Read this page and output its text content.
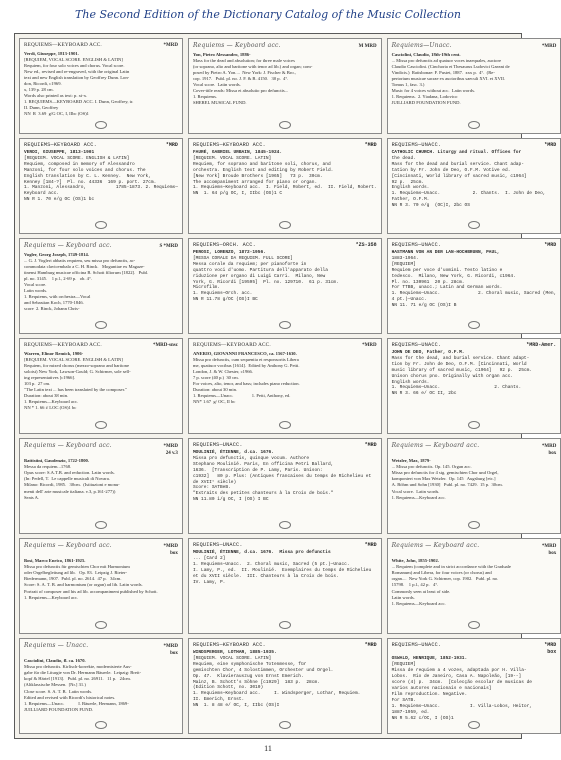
The Second Edition of the Dictionary Catalog of the Music Collection
REQUIEMS—KEYBOARD ACC.	*MRD
Verdi, Giuseppe, 1813-1901.
[REQUIEM, VOCAL SCORE. ENGLISH & LATIN]
Requiem, for four solo voices and chorus. Vocal score.
New ed., revised and re-engraved, with the original Latin
text and new English translation by Geoffrey Dunn. Lon-
don, Ricordi, c1969.
x, 139 p. 28 cm.
Words also printed as text: p. xi-x.
1. REQUIEMS—KEYBOARD ACC. I. Dunn, Geoffrey, tr.
II. Dunn, Geoffrey
NN  R  3.69  g/G OC, I, IIbc (OS)1
Requiems — Keyboard acc.	M MRD
Yon, Pietro Alessandro, 1886-
Mass for the dead and absolution; for three male voices
(or soprano, alto and baritone with tenor ad lib.) and organ; com-
posed by Pietro A. Yon....  New York: J. Fischer & Bro.,
cop. 1917.   Publ. pl. no. J. F. & B. 4150.   30 p.  4°.
Vocal score.  Latin words.
Cover-title reads: Missa et absolutio pro defunctis...
1. Requiems.
SHEREL MUSICAL FUND.
Requiems—Unacc.	*MRD
Casciolini, Claudio, 18th-19th cent.
... Missa pro defunctis ad quatuor voces inaequales, auctore
Claudio Casciolini. (Cinchoria et Thesaurus Ludovici Gaeani de
Vindicis.)  Ratisbonae: F. Pustet, 1887.  xxx p.  4°.  (Re-
pertorium musicae sacrae ex auctoribus saeculi XVI. et XVII.
Tomus 1, fasc. 3.)
Music for 4 voices without acc.  Latin words.
1. Requiems.  2. Yiadana, Lodovico
JUILLIARD FOUNDATION FUND.
REQUIEMS—KEYBOARD ACC.	*MRD
VERDI, GIUSEPPE, 1813-1901
[REQUIEM. VOCAL SCORE. ENGLISH & LATIN]
Requiem, composed in memory of Alessandro
Manzoni, for four solo voices and chorus. The
English translation by C. L. Kenney.  New York,
Kenney [184-?]  Pl. no. 44336  169 p. port. 27cm.
1. Manzoni, Alessandro,           1785-1873. 2. Requiems—
Keyboard acc.
NN R 1. 70 e/g OC (OS)1 bc
REQUIEMS—KEYBOARD ACC.	*MRD
FAURÉ, GABRIEL URBAIN, 1845-1924.
[REQUIEM. VOCAL SCORE. LATIN]
Requiem, for soprano and baritone soli, chorus, and
orchestra. English text and editing by Robert Field.
[New York] Broude Brothers [1965]   73 p.  30cm.
The accompaniment arranged for piano or organ.
1. Requiems—Keyboard acc.  I. Field, Robert, ed.  II. Field, Robert.
NN  1. 64 p/g OC, I, IIbc (OS)1 C
REQUIEMS—UNACC.	*MRD
CATHOLIC CHURCH. Liturgy and ritual. Offices for
the dead.
Mass for the dead and burial service. Chant adap-
tation by Fr. John de Deo, O.F.M. Votive ed.
[Cincinnati, World library of sacred music, c1964]
92 p.  25cm.
English words.
1. Requiems—Unacc.            2. Chants.  I. John de Deo,
Father, O.F.M.
NN R 3. 70 e/g  (OC)I, 2bc OS
Requiems — Keyboard acc.	S *MRD
Vogler, Georg Joseph, 1749-1814.
... G. J. Vogleri abbatis requiem, seu missa pro defunctis, ac-
commodata clavicembalo a C. H. Rinck.   Moguntiae ex Magaze-
tinensi Hamburg musicae officina B. Schott filiorum [1822].   Publ.
pl. no. 3145.    1 p.l., 2-69 p.   ob. 4°.
Vocal score.
Latin words.
1. Requiems, with orchestra—Vocal
and Sebastian Koch, 1770-1846.
score  2. Rinck, Johann Chris-
REQUIEMS—ORCH. ACC.	*ZS-358
PEROSI, LORENZO, 1872-1956.
[MESSA CORALE DA REQUIEM. FULL SCORE]
Messa corale da requiem; per pianoforte in
quattro voci d'uomo. Partitura dell'apparato della
riduzione per organo di Luigi Carri.  Milano, New
York, G. Ricordi [19595]  Pl. no. 129710.  61 p. 31cm.
Microfilm.
1. Requiems—Orch. acc.
NN R 11.78 g/OC (OS)I BC
REQUIEMS—UNACC.	*MRD
HASTMANN VON AN DER LAN-HOCHBRUNN, PAUL,
1883-1964.
[REQUIEM]
Requiem per voce d'uomini. Testo latino e
tedesco.  Milano, New York, G. Ricordi, c1964.
Pl. no. 130961  20 p. 28cm.
For TTBB, unacc.; Latin and German words.
1. Requiems—Unacc.              2. Choral music, Sacred (Men,
4 pt.)—Unacc.
NN 11. 71 e/g OC (OS)I B
REQUIEMS—KEYBOARD ACC.	*MRD-snsc
Warren, Elinor Remick, 1906-
[REQUIEM. VOCAL SCORE. ENGLISH & LATIN]
Requiem, for mixed chorus (mezzo-soprano and baritone
soloist) New York, Lawson-Gould; G. Schirmer, sole sell-
ing representatives [c1966].
103 p.  27 cm.
"The Latin text ... has been translated by the composer."
Duration: about 38 min.
1. Requiems—Keyboard acc.
NN * 1. 66 i/ LOC (OS)1 bc
REQUIEMS—KEYBOARD ACC.	*MRD
ANERIO, GIOVANNI FRANCESCO, ca. 1567-1630.
Missa pro defunctis, cum sequentia et responsoriis Libera
me, quattuor vocibus [1614].  Edited by Anthony G. Petti.
London, J. & W. Chester, c1966.
7 p. score (40 p.)  30 cm.
For voices, alto, tenor, and bass; includes piano reduction.
Duration: about 30 min.
1. Requiems—Unacc.                1. Petti, Anthony, ed.
NN* 1.67  g/ OC, II bc
REQUIEMS—UNACC.	*MRD-Amer.
JOHN DE DEO, Father, O.F.M.
Mass for the dead, and burial service. Chant adapt-
tion by Fr. John de Deo, O.F.M. [Cincinnati, World
music library of sacred music, c1964]   92 p.  25cm.
Unison chorus pno. Originally with organ acc.
English words.
1. Requiems—Unacc.                    2. Chants.
NN R 3. 66 e/ OC II, 2bc
Requiems — Keyboard acc.	*MRD
24 v.3
Battistini, Gaudenzio, 1722-1800.
Messa da requiem...1768.
Opus score: S.A.T.B. and reduction. Latin words.
(In: Pedell, T.  Le cappelle musicali di Novara.
Milano: Ricordi, 1985.   30cm.  (Istituzioni e monu-
menti dell' arte musicale italiana. v.3, p.161-277))
Seats A.
REQUIEMS—UNACC.	*MRD
MOULINIÉ, ÉTIENNE, d.ca. 1676.
Missa pro defunctis, quinque vocum. Authore
Stephano Moulinié. Paris, En officina Petri Ballard,
1636.  [Transcription de P. Lamy, Paris. Unison:
c1932]   80 p. Plus: (Antiques francaises du temps de Richelieu et
de XVII° siècle)
Score: SATBeB.
"Extraits des petites chanteurs à la Croix de bois."
NN 11.80 i/g OC, I (OS) I BC
Requiems — Keyboard acc.	*MRD
box
Wetzler, Max, 1879-
... Missa pro defunctis. Op. 145. Organ acc.
Missa pro defunctis for 4 stg. gemischten Chor und Orgel,
komponiert von Max Wetzler.  Op. 145   Augsburg [etc.]
A. Böhm und Sohn [1930]   Publ. pl. no. 7429.  15 p.  30cm.
Vocal score.  Latin words.
1. Requiems—Keyboard acc.
Requiems — Keyboard acc.	*MRD
box
Bosi, Marco Enrico, 1861-1925.
Missa pro defunctis für gemischten Chor mit Harmonium
oder Orgelbegleitung ad lib.   Op. 83.  Leipzig J. Rieter-
Biedermann, 1907.  Publ. pl. no. 2614.  47 p.   34cm.
Score: S. A. T. B. and harmonium (or organ) ad lib. Latin words.
Portrait of composer and his ad lib. accompaniment published by Schott.
1. Requiems—Keyboard acc.
REQUIEMS—UNACC.	*MRD
MOULINIÉ, ÉTIENNE, d.ca. 1676.  Missa pro defunctis
... [Card 2]
1. Requiems—Unacc.  2. Choral music, Sacred (5 pt.)—Unacc.
I. Lamy, P., ed.  II. Moulinié.  Exemplaires du temps de Richelieu
et du XVII siècle.  III. Chanteurs à la Croix de bois.
IV. Lamy, P.
Requiems — Keyboard acc.	*MRD
box
White, John, 1855-1902.
... Requiem (complete and in strict accordance with the Graduale
Romanum) and Libera, for four voices (or chorus) and
organ....  New York G. Schirmer, cop. 1902.   Publ. pl. no.
15798.    1 p.l., 42 p.   4°.
Commonly seen at least of side.
Latin words.
1. Requiems—Keyboard acc.
Requiems — Unacc.	*MRD
box
Casciolini, Claudio, fl. ca. 1670.
Missa pro defunctis. Kirlisch-korrekte, modernisierte Aus-
gabe für die Liturgie von Dr. Hermann Bäuerle.  Leipzig: Breit-
kopf & Härtel [1913].   Publ. pl. no. 26911.   11 p.   24cm.
(Altklassische Messen.  [Nr.] 31.)
Close score. S. A. T. B.  Latin words.
Edited and revised with Ricordi's historical notes.
1. Requiems—Unacc.            I. Bäuerle, Hermann, 1869-
JUILLIARD FOUNDATION FUND.
REQUIEMS—KEYBOARD ACC.	*MRD
WINDSPERGER, LOTHAR, 1885-1935.
[REQUIEM. VOCAL SCORE. LATIN]
Requiem, eine symphonische Totenmesse, für
gemischten Chor, 4 Solostimmen, Orchester und Orgel.
Op. 47.  Klavierauszug von Ernst Emerich.
Mainz, B. Schott's Söhne [c1929]  183 p.  28cm.
(Edition Schott, no. 3010)
1. Requiems—Keyboard acc.     I. Windsperger, Lothar, Requiem.
II. Emerich, Ernst.
NN  1. 8 48 e/ OC, I, IIbc (OS)I
REQUIEMS—UNACC.	*MRD
box
OSWALD, HENRIQUE, 1852-1931.
[REQUIEM]
Missa de requiem a 4 vozes, adaptada por H. Villa-
Lobos.  Rio de Janeiro, Casa A. Napoleão, [19--]
score (4) p.  34cm.  [Colecção escolar de musicas de
varios autores nacionais e nacionais]
Film reproduction. Negative.
For SATB.
1. Requiems—Unacc.           I. Villa-Lobos, Heitor,
1887-1959, ed.
NN R 5.62 c/OC, I (OS)1
11
